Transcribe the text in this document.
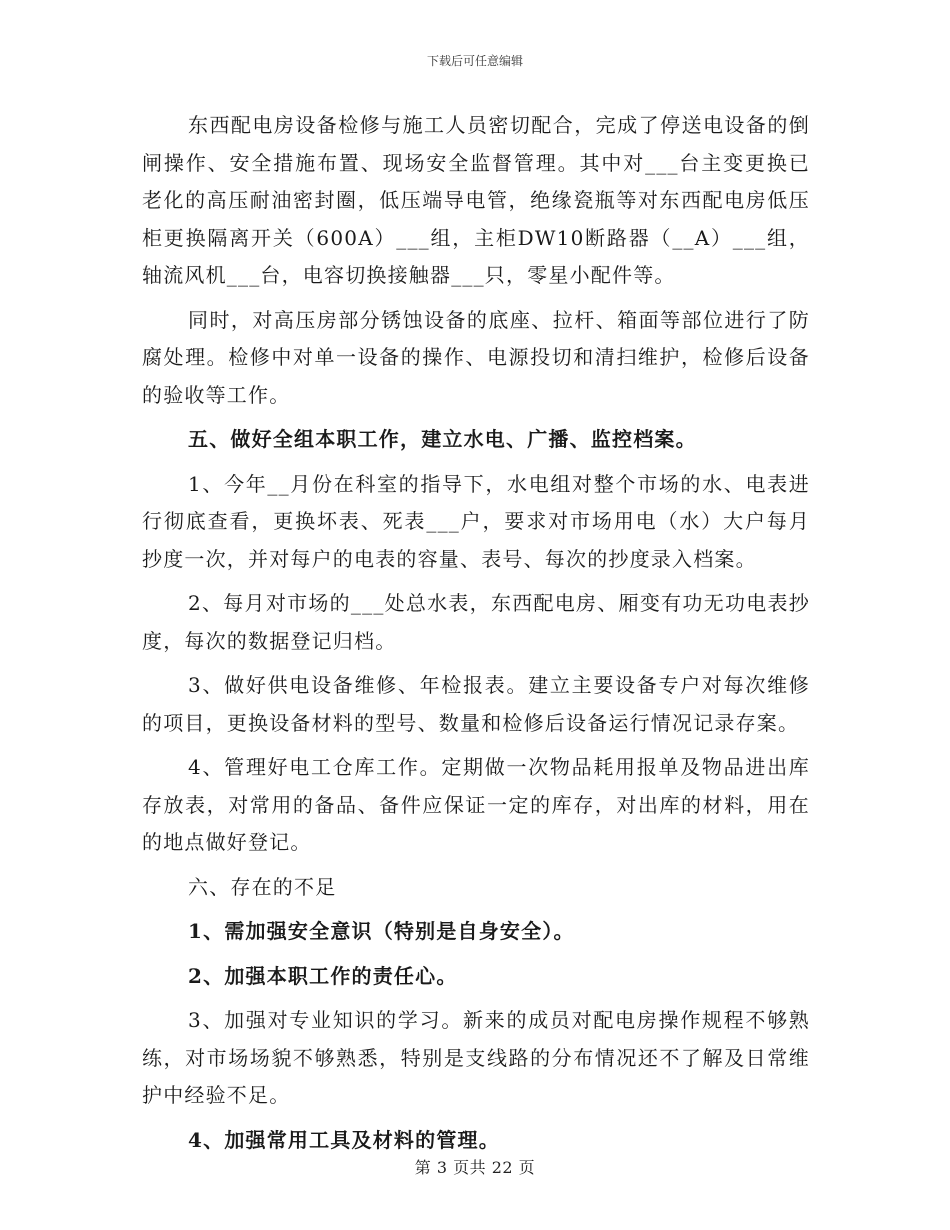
下载后可任意编辑

东西配电房设备检修与施工人员密切配合，完成了停送电设备的倒闸操作、安全措施布置、现场安全监督管理。其中对___台主变更换已老化的高压耐油密封圈，低压端导电管，绝缘瓷瓶等对东西配电房低压柜更换隔离开关（600A）___组，主柜DW10断路器（__A）___组，轴流风机___台，电容切换接触器___只，零星小配件等。

同时，对高压房部分锈蚀设备的底座、拉杆、箱面等部位进行了防腐处理。检修中对单一设备的操作、电源投切和清扫维护，检修后设备的验收等工作。

五、做好全组本职工作，建立水电、广播、监控档案。

1、今年__月份在科室的指导下，水电组对整个市场的水、电表进行彻底查看，更换坏表、死表___户，要求对市场用电（水）大户每月抄度一次，并对每户的电表的容量、表号、每次的抄度录入档案。

2、每月对市场的___处总水表，东西配电房、厢变有功无功电表抄度，每次的数据登记归档。

3、做好供电设备维修、年检报表。建立主要设备专户对每次维修的项目，更换设备材料的型号、数量和检修后设备运行情况记录存案。

4、管理好电工仓库工作。定期做一次物品耗用报单及物品进出库存放表，对常用的备品、备件应保证一定的库存，对出库的材料，用在的地点做好登记。

六、存在的不足

1、需加强安全意识（特别是自身安全）。

2、加强本职工作的责任心。

3、加强对专业知识的学习。新来的成员对配电房操作规程不够熟练，对市场场貌不够熟悉，特别是支线路的分布情况还不了解及日常维护中经验不足。

4、加强常用工具及材料的管理。

第 3 页共 22 页
